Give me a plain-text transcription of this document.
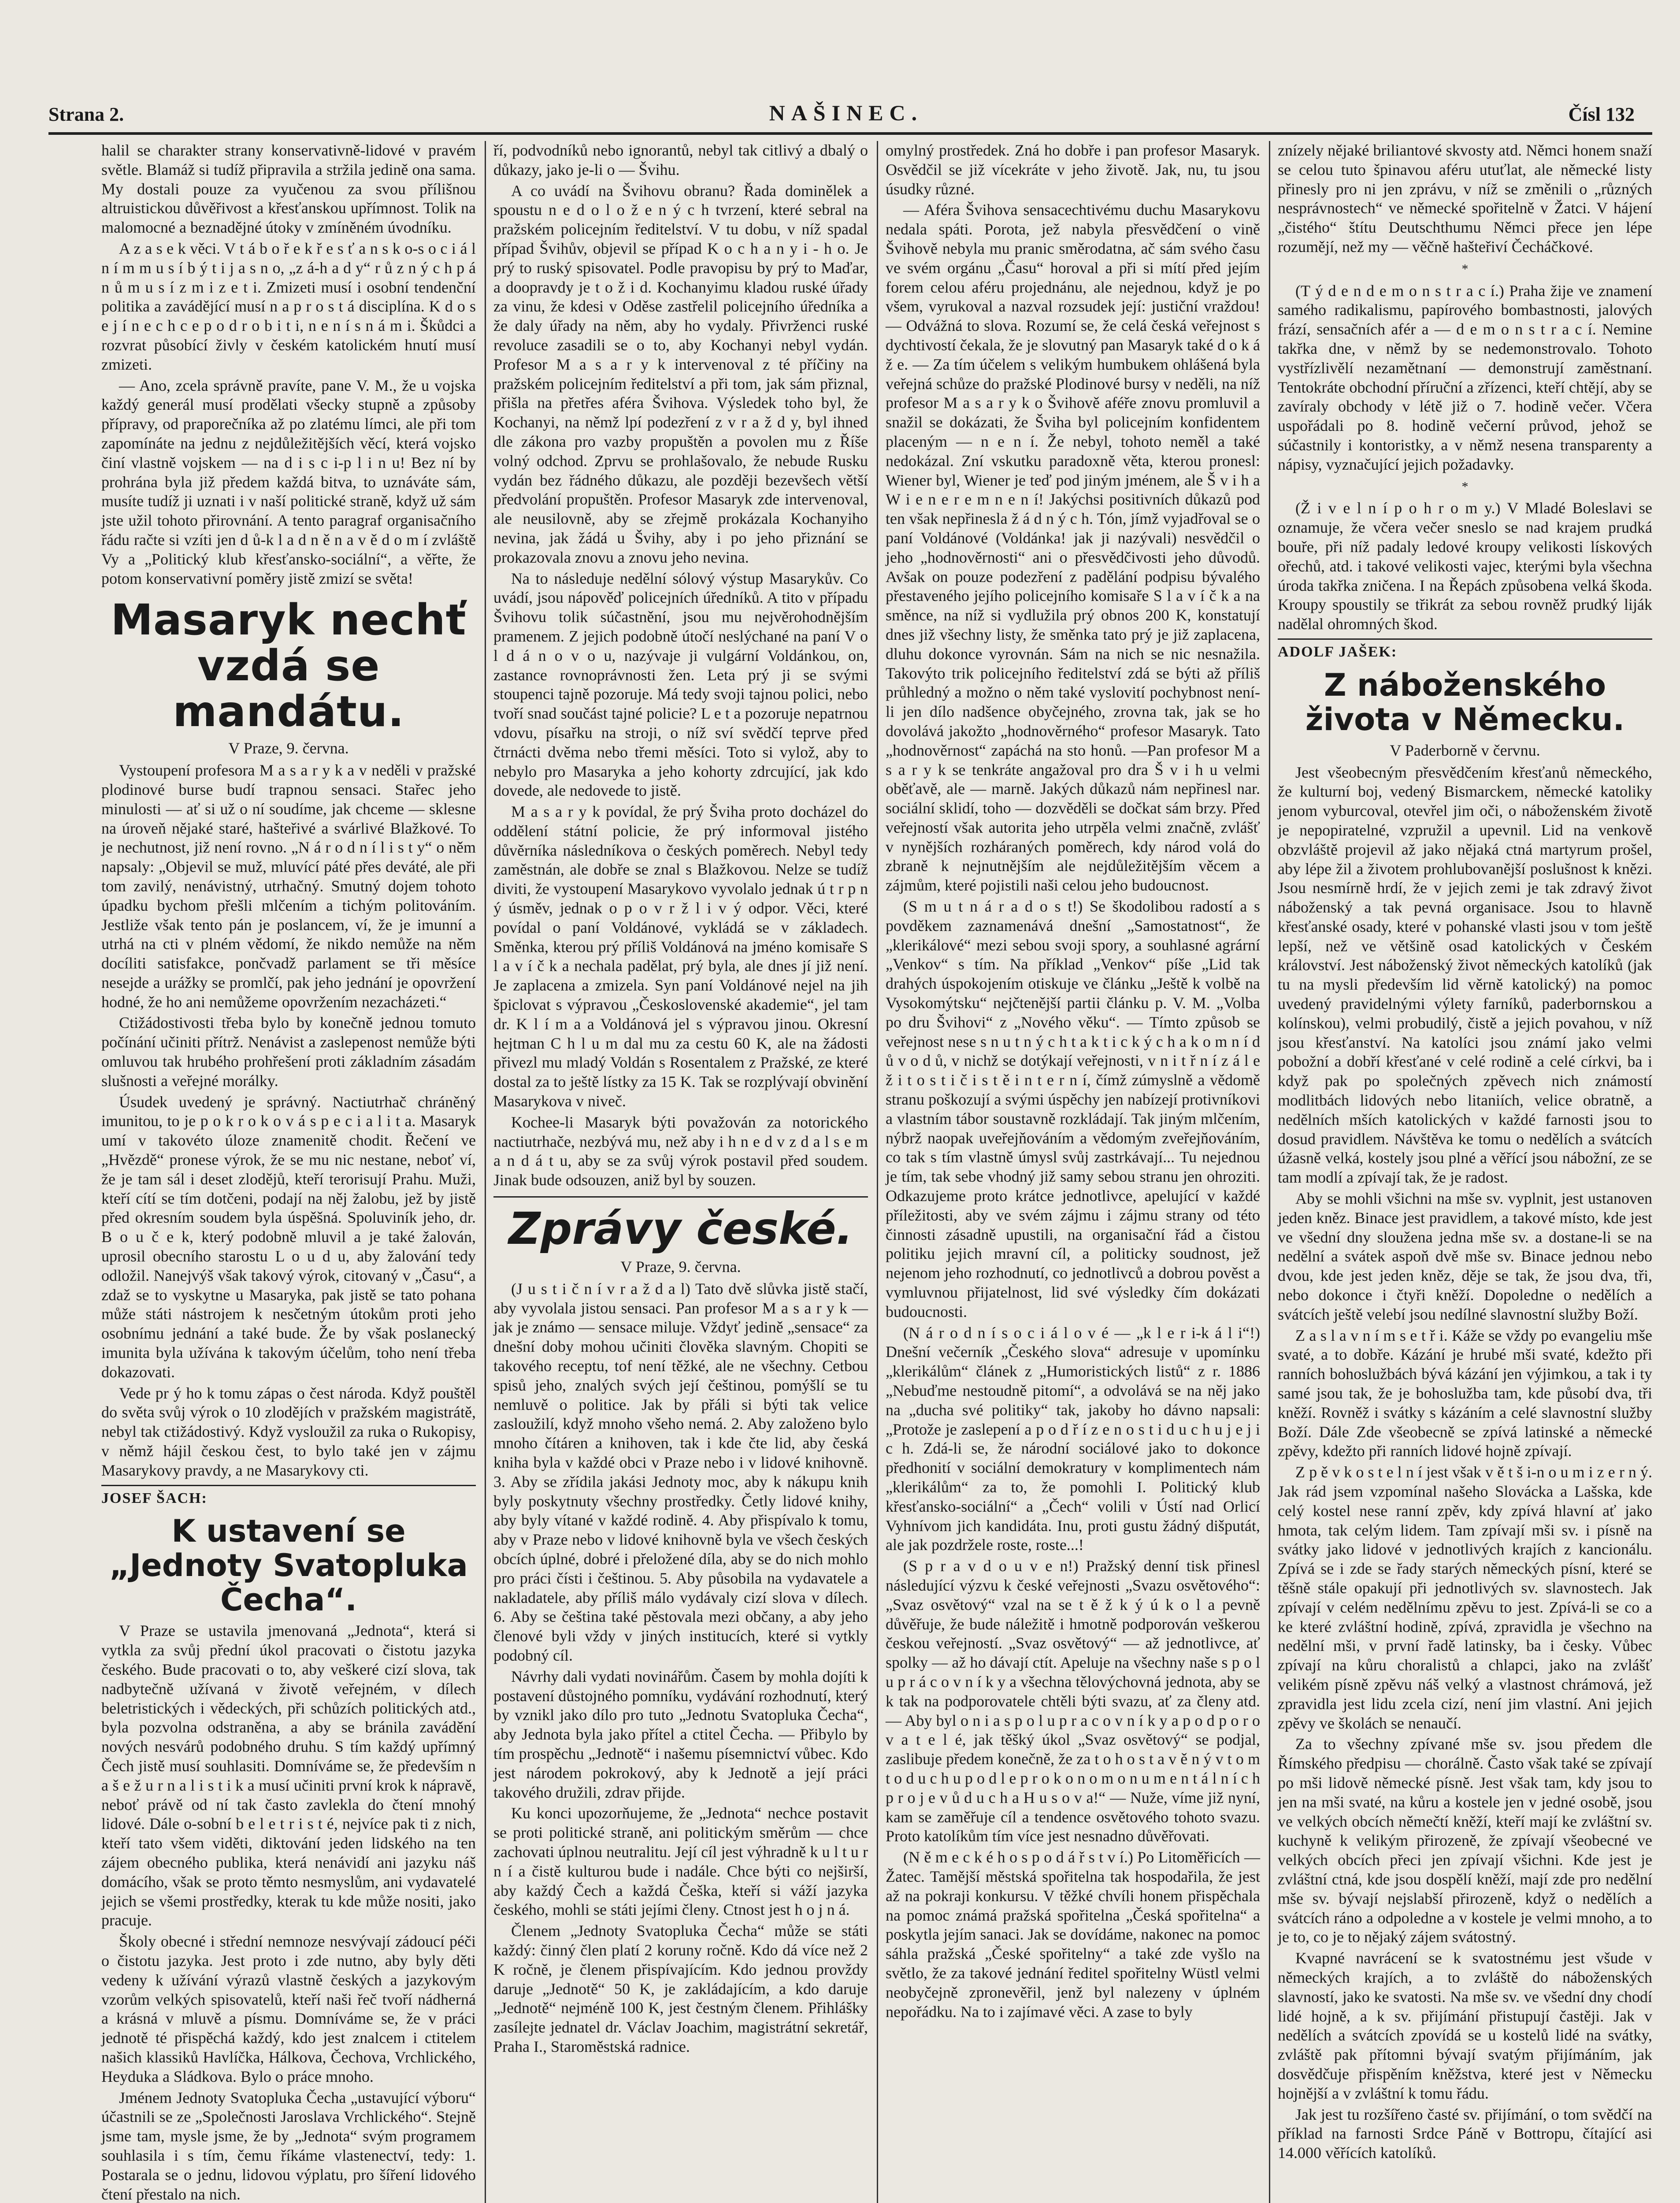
Strana 2.	NAŠINEC.	Čísl 132

halil se charakter strany konservativně-lidové v pravém světle. Blamáž si tudíž připravila a stržila jedině ona sama. My dostali pouze za vyučenou za svou přílišnou altruistickou důvěřivost a křesťanskou upřímnost. Tolik na malomocné a beznadějné útoky v zmíněném úvodníku.

A z a s e k věci. V t á b o ř e k ř e s ť a n s k o-s o c i á l n í m m u s í b ý t i j a s n o, „z á-h a d y“ r ů z n ý c h p á n ů m u s í z m i z e t i. Zmizeti musí i osobní tendenční politika a zavádějící musí n a p r o s t á disciplína. K d o s e j í n e c h c e p o d r o b i t i, n e n í s n á m i. Škůdci a rozvrat působící živly v českém katolickém hnutí musí zmizeti.

— Ano, zcela správně pravíte, pane V. M., že u vojska každý generál musí prodělati všecky stupně a způsoby přípravy, od praporečníka až po zlatému límci, ale při tom zapomínáte na jednu z nejdůležitějších věcí, která vojsko činí vlastně vojskem — na d i s c i-p l i n u! Bez ní by prohrána byla již předem každá bitva, to uznáváte sám, musíte tudíž ji uznati i v naší politické straně, když už sám jste užil tohoto přirovnání. A tento paragraf organisačního řádu račte si vzíti jen d ů-k l a d n ě n a v ě d o m í zvláště Vy a „Politický klub křesťansko-sociální“, a věřte, že potom konservativní poměry jistě zmizí se světa!

Masaryk nechť vzdá se mandátu.
V Praze, 9. června.

Vystoupení profesora M a s a r y k a v neděli v pražské plodinové burse budí trapnou sensaci. Stařec jeho minulosti — ať si už o ní soudíme, jak chceme — sklesne na úroveň nějaké staré, hašteřivé a svárlivé Blažkové. To je nechutnost, již není rovno. „N á r o d n í l i s t y“ o něm napsaly: „Objevil se muž, mluvící páté přes deváté, ale při tom zavilý, nenávistný, utrhačný. Smutný dojem tohoto úpadku bychom přešli mlčením a tichým politováním. Jestliže však tento pán je poslancem, ví, že je imunní a utrhá na cti v plném vědomí, že nikdo nemůže na něm docíliti satisfakce, pončvadž parlament se tři měsíce nesejde a urážky se promlčí, pak jeho jednání je opovržení hodné, že ho ani nemůžeme opovržením nezacházeti.“

Ctižádostivosti třeba bylo by konečně jednou tomuto počínání učiniti přítrž. Nenávist a zaslepenost nemůže býti omluvou tak hrubého prohřešení proti základním zásadám slušnosti a veřejné morálky.

Úsudek uvedený je správný. Nactiutrhač chráněný imunitou, to je p o k r o k o v á s p e c i a l i t a. Masaryk umí v takovéto úloze znamenitě chodit. Řečení ve „Hvězdě“ pronese výrok, že se mu nic nestane, neboť ví, že je tam sál i deset zlodějů, kteří terorisují Prahu. Muži, kteří cítí se tím dotčeni, podají na něj žalobu, jež by jistě před okresním soudem byla úspěšná. Spoluviník jeho, dr. B o u č e k, který podobně mluvil a je také žalován, uprosil obecního starostu L o u d u, aby žalování tedy odložil. Nanejvýš však takový výrok, citovaný v „Času“, a zdaž se to vyskytne u Masaryka, pak jistě se tato pohana může státi nástrojem k nesčetným útokům proti jeho osobnímu jednání a také bude. Že by však poslanecký imunita byla užívána k takovým účelům, toho není třeba dokazovati.

Vede pr ý ho k tomu zápas o čest národa. Když pouštěl do světa svůj výrok o 10 zlodějích v pražském magistrátě, nebyl tak ctižádostivý. Když vysloužil za ruka o Rukopisy, v němž hájil českou čest, to bylo také jen v zájmu Masarykovy pravdy, a ne Masarykovy cti.

JOSEF ŠACH:
K ustavení se „Jednoty Svatopluka Čecha“.

V Praze se ustavila jmenovaná „Jednota“, která si vytkla za svůj přední úkol pracovati o čistotu jazyka českého. Bude pracovati o to, aby veškeré cizí slova, tak nadbytečně užívaná v životě veřejném, v dílech beletristických i vědeckých, při schůzích politických atd., byla pozvolna odstraněna, a aby se bránila zavádění nových nesvárů podobného druhu. S tím každý upřímný Čech jistě musí souhlasiti. Domníváme se, že především n a š e ž u r n a l i s t i k a musí učiniti první krok k nápravě, neboť právě od ní tak často zavlekla do čtení mnohý lidové. Dále o-sobní b e l e t r i s t é, nejvíce pak ti z nich, kteří tato všem viděti, diktování jeden lidského na ten zájem obecného publika, která nenávidí ani jazyku náš domácího, však se proto těmto nesmyslům, ani vydavatelé jejich se všemi prostředky, kterak tu kde může nositi, jako pracuje.

Školy obecné i střední nemnoze nesvývají zádoucí péči o čistotu jazyka. Jest proto i zde nutno, aby byly děti vedeny k užívání výrazů vlastně českých a jazykovým vzorům velkých spisovatelů, kteří naši řeč tvoří nádherná a krásná v mluvě a písmu. Domníváme se, že v práci jednotě té přispěchá každý, kdo jest znalcem i ctitelem našich klassiků Havlíčka, Hálkova, Čechova, Vrchlického, Heyduka a Sládkova. Bylo o práce mnoho.

Jménem Jednoty Svatopluka Čecha „ustavující výboru“ účastnili se ze „Společnosti Jaroslava Vrchlického“. Stejně jsme tam, mysle jsme, že by „Jednota“ svým programem souhlasila i s tím, čemu říkáme vlastenectví, tedy: 1. Postarala se o jednu, lidovou výplatu, pro šíření lidového čtení přestalo na nich.

ří, podvodníků nebo ignorantů, nebyl tak citlivý a dbalý o důkazy, jako je-li o — Švihu.

A co uvádí na Švihovu obranu? Řada dominělek a spoustu n e d o l o ž e n ý c h tvrzení, které sebral na pražském policejním ředitelství. V tu dobu, v níž spadal případ Švihův, objevil se případ K o c h a n y i - h o. Je prý to ruský spisovatel. Podle pravopisu by prý to Maďar, a doopravdy je t o ž i d. Kochanyimu kladou ruské úřady za vinu, že kdesi v Oděse zastřelil policejního úředníka a že daly úřady na něm, aby ho vydaly. Přivrženci ruské revoluce zasadili se o to, aby Kochanyi nebyl vydán. Profesor M a s a r y k intervenoval z té příčiny na pražském policejním ředitelství a při tom, jak sám přiznal, přišla na přetřes aféra Švihova. Výsledek toho byl, že Kochanyi, na němž lpí podezření z v r a ž d y, byl ihned dle zákona pro vazby propuštěn a povolen mu z Říše volný odchod. Zprvu se prohlašovalo, že nebude Rusku vydán bez řádného důkazu, ale později bezevšech větší předvolání propuštěn. Profesor Masaryk zde intervenoval, ale neusilovně, aby se zřejmě prokázala Kochanyiho nevina, jak žádá u Švihy, aby i po jeho přiznání se prokazovala znovu a znovu jeho nevina.

Na to následuje nedělní sólový výstup Masarykův. Co uvádí, jsou nápověď policejních úředníků. A tito v případu Švihovu tolik súčastnění, jsou mu nejvěrohodnějším pramenem. Z jejich podobně útočí neslýchané na paní V o l d á n o v o u, nazývaje ji vulgární Voldánkou, on, zastance rovnoprávnosti žen. Leta prý ji se svými stoupenci tajně pozoruje. Má tedy svoji tajnou polici, nebo tvoří snad součást tajné policie? L e t a pozoruje nepatrnou vdovu, písařku na stroji, o níž sví svědčí teprve před čtrnácti dvěma nebo třemi měsíci. Toto si vylož, aby to nebylo pro Masaryka a jeho kohorty zdrcující, jak kdo dovede, ale nedovede to jistě.

M a s a r y k povídal, že prý Šviha proto docházel do oddělení státní policie, že prý informoval jistého důvěrníka následníkova o českých poměrech. Nebyl tedy zaměstnán, ale dobře se znal s Blažkovou. Nelze se tudíž diviti, že vystoupení Masarykovo vyvolalo jednak ú t r p n ý úsměv, jednak o p o v r ž l i v ý odpor. Věci, které povídal o paní Voldánové, vykládá se v základech. Směnka, kterou prý příliš Voldánová na jméno komisaře S l a v í č k a nechala padělat, prý byla, ale dnes jí již není. Je zaplacena a zmizela. Syn paní Voldánové nejel na jih špiclovat s výpravou „Československé akademie“, jel tam dr. K l í m a a Voldánová jel s výpravou jinou. Okresní hejtman C h l u m dal mu za cestu 60 K, ale na žádosti přivezl mu mladý Voldán s Rosentalem z Pražské, ze které dostal za to ještě lístky za 15 K. Tak se rozplývají obvinění Masarykova v niveč.

Kochee-li Masaryk býti považován za notorického nactiutrhače, nezbývá mu, než aby i h n e d v z d a l s e m a n d á t u, aby se za svůj výrok postavil před soudem. Jinak bude odsouzen, aniž byl by souzen.

Zprávy české.
V Praze, 9. června.

(J u s t i č n í v r a ž d a l) Tato dvě slůvka jistě stačí, aby vyvolala jistou sensaci. Pan profesor M a s a r y k — jak je známo — sensace miluje. Vždyť jedině „sensace“ za dnešní doby mohou učiniti člověka slavným. Chopiti se takového receptu, tof není těžké, ale ne všechny. Cetbou spisů jeho, znalých svých její češtinou, pomýšlí se tu nemluvě o politice. Jak by přáli si býti tak velice zasloužilí, když mnoho všeho nemá. 2. Aby založeno bylo mnoho čítáren a knihoven, tak i kde čte lid, aby česká kniha byla v každé obci v Praze nebo i v lidové knihovně. 3. Aby se zřídila jakási Jednoty moc, aby k nákupu knih byly poskytnuty všechny prostředky. Četly lidové knihy, aby byly vítané v každé rodině. 4. Aby přispívalo k tomu, aby v Praze nebo v lidové knihovně byla ve všech českých obcích úplné, dobré i přeložené díla, aby se do nich mohlo pro práci čísti i češtinou. 5. Aby působila na vydavatele a nakladatele, aby příliš málo vydávaly cizí slova v dílech. 6. Aby se čeština také pěstovala mezi občany, a aby jeho členové byli vždy v jiných institucích, které si vytkly podobný cíl.

Návrhy dali vydati novinářům. Časem by mohla dojíti k postavení důstojného pomníku, vydávání rozhodnutí, který by vznikl jako dílo pro tuto „Jednotu Svatopluka Čecha“, aby Jednota byla jako přítel a ctitel Čecha. — Přibylo by tím prospěchu „Jednotě“ i našemu písemnictví vůbec. Kdo jest národem pokrokový, aby k Jednotě a její práci takového družili, zdrav přijde.

Ku konci upozorňujeme, že „Jednota“ nechce postavit se proti politické straně, ani politickým směrům — chce zachovati úplnou neutralitu. Její cíl jest výhradně k u l t u r n í a čistě kulturou bude i nadále. Chce býti co nejširší, aby každý Čech a každá Češka, kteří si váží jazyka českého, mohli se státi jejími členy. Ctnost jest h o j n á.

Členem „Jednoty Svatopluka Čecha“ může se státi každý: činný člen platí 2 koruny ročně. Kdo dá více než 2 K ročně, je členem přispívajícím. Kdo jednou provždy daruje „Jednotě“ 50 K, je zakládajícím, a kdo daruje „Jednotě“ nejméně 100 K, jest čestným členem. Přihlášky zasílejte jednatel dr. Václav Joachim, magistrátní sekretář, Praha I., Staroměstská radnice.

omylný prostředek. Zná ho dobře i pan profesor Masaryk. Osvědčil se již vícekráte v jeho životě. Jak, nu, tu jsou úsudky různé.

— Aféra Švihova sensacechtivému duchu Masarykovu nedala spáti. Porota, jež nabyla přesvědčení o vině Švihově nebyla mu pranic směrodatna, ač sám svého času ve svém orgánu „Času“ horoval a při si mítí před jejím forem celou aféru projednánu, ale nejednou, když je po všem, vyrukoval a nazval rozsudek její: justiční vraždou! — Odvážná to slova. Rozumí se, že celá česká veřejnost s dychtivostí čekala, že je slovutný pan Masaryk také d o k á ž e. — Za tím účelem s velikým humbukem ohlášená byla veřejná schůze do pražské Plodinové bursy v neděli, na níž profesor M a s a r y k o Švihově aféře znovu promluvil a snažil se dokázati, že Šviha byl policejním konfidentem placeným — n e n í. Že nebyl, tohoto neměl a také nedokázal. Zní vskutku paradoxně věta, kterou pronesl: Wiener byl, Wiener je teď pod jiným jménem, ale Š v i h a W i e n e r e m n e n í! Jakýchsi positivních důkazů pod ten však nepřinesla ž á d n ý c h. Tón, jímž vyjadřoval se o paní Voldánové (Voldánka! jak ji nazývali) nesvědčil o jeho „hodnověrnosti“ ani o přesvědčivosti jeho důvodů. Avšak on pouze podezření z padělání podpisu bývalého přestaveného jejího policejního komisaře S l a v í č k a na směnce, na níž si vydlužila prý obnos 200 K, konstatují dnes již všechny listy, že směnka tato prý je již zaplacena, dluhu dokonce vyrovnán. Sám na nich se nic nesnažila. Takovýto trik policejního ředitelství zdá se býti až příliš průhledný a možno o něm také vyslovití pochybnost není-li jen dílo nadšence obyčejného, zrovna tak, jak se ho dovolává jakožto „hodnověrného“ profesor Masaryk. Tato „hodnověrnost“ zapáchá na sto honů. —Pan profesor M a s a r y k se tenkráte angažoval pro dra Š v i h u velmi oběťavě, ale — marně. Jakých důkazů nám nepřinesl nar. sociální sklidí, toho — dozvěděli se dočkat sám brzy. Před veřejností však autorita jeho utrpěla velmi značně, zvlášť v nynějších rozháraných poměrech, kdy národ volá do zbraně k nejnutnějším ale nejdůležitějším věcem a zájmům, které pojistili naši celou jeho budoucnost.

(S m u t n á r a d o s t!) Se škodolibou radostí a s povděkem zaznamenává dnešní „Samostatnost“, že „klerikálové“ mezi sebou svoji spory, a souhlasné agrární „Venkov“ s tím. Na příklad „Venkov“ píše „Lid tak drahých úspokojením otiskuje ve článku „Ještě k volbě na Vysokomýtsku“ nejčtenější partii článku p. V. M. „Volba po dru Švihovi“ z „Nového věku“. — Tímto způsob se veřejnost nese s n u t n ý c h t a k t i c k ý c h a k o m n í d ů v o d ů, v nichž se dotýkají veřejnosti, v n i t ř n í z á l e ž i t o s t i č i s t ě i n t e r n í, čímž zúmyslně a vědomě stranu poškozují a svými úspěchy jen nabízejí protivníkovi a vlastním tábor soustavně rozkládají. Tak jiným mlčením, nýbrž naopak uveřejňováním a vědomým zveřejňováním, co tak s tím vlastně úmysl svůj zastrkávají... Tu nejednou je tím, tak sebe vhodný již samy sebou stranu jen ohroziti. Odkazujeme proto krátce jednotlivce, apelující v každé příležitosti, aby ve svém zájmu i zájmu strany od této činnosti zásadně upustili, na organisační řád a čistou politiku jejich mravní cíl, a politicky soudnost, jež nejenom jeho rozhodnutí, co jednotlivců a dobrou pověst a vymluvnou přijatelnost, lid své výsledky čím dokázati budoucnosti.

(N á r o d n í s o c i á l o v é — „k l e r i-k á l i“!) Dnešní večerník „Českého slova“ adresuje v upomínku „klerikálům“ článek z „Humoristických listů“ z r. 1886 „Nebuďme nestoudně pitomí“, a odvolává se na něj jako na „ducha své politiky“ tak, jakoby ho dávno napsali: „Protože je zaslepení a p o d ř í z e n o s t i d u c h u j e j i c h. Zdá-li se, že národní sociálové jako to dokonce předhonití v sociální demokratury v komplimentech nám „klerikálům“ za to, že pomohli I. Politický klub křesťansko-sociální“ a „Čech“ volili v Ústí nad Orlicí Vyhnívom jich kandidáta. Inu, proti gustu žádný dišputát, ale jak pozdržele roste, roste...!

(S p r a v d o u v e n!) Pražský denní tisk přinesl následující výzvu k české veřejnosti „Svazu osvětového“: „Svaz osvětový“ vzal na se t ě ž k ý ú k o l a pevně důvěřuje, že bude náležitě i hmotně podporován veškerou českou veřejností. „Svaz osvětový“ — až jednotlivce, ať spolky — až ho dávají ctít. Apeluje na všechny naše s p o l u p r á c o v n í k y a všechna tělovýchovná jednota, aby se k tak na podporovatele chtěli býti svazu, ať za členy atd. — Aby byl o n i a s p o l u p r a c o v n í k y a p o d p o r o v a t e l é, jak těšký úkol „Svaz osvětový“ se podjal, zaslibuje předem konečně, že za t o h o s t a v ě n ý v t o m t o d u c h u p o d l e p r o k o n o m o n u m e n t á l n í c h p r o j e v ů d u c h a H u s o v a!“ — Nuže, víme již nyní, kam se zaměřuje cíl a tendence osvětového tohoto svazu. Proto katolíkům tím více jest nesnadno důvěřovati.

(N ě m e c k é h o s p o d á ř s t v í.) Po Litoměřicích — Žatec. Tamější městská spořitelna tak hospodařila, že jest až na pokraji konkursu. V těžké chvíli honem přispěchala na pomoc známá pražská spořitelna „Česká spořitelna“ a poskytla jejím sanaci. Jak se dovídáme, nakonec na pomoc sáhla pražská „České spořitelny“ a také zde vyšlo na světlo, že za takové jednání ředitel spořitelny Wüstl velmi neobyčejně zpronevěřil, jenž byl nalezeny v úplném nepořádku. Na to i zajímavé věci. A zase to byly

znízely nějaké briliantové skvosty atd. Němci honem snaží se celou tuto špinavou aféru utuťlat, ale německé listy přinesly pro ni jen zprávu, v níž se změnili o „různých nesprávnostech“ ve německé spořitelně v Žatci. V hájení „čistého“ štítu Deutschthumu Němci přece jen lépe rozumějí, než my — věčně hašteřiví Čecháčkové.

*

(T ý d e n d e m o n s t r a c í.) Praha žije ve znamení samého radikalismu, papírového bombastnosti, jalových frází, sensačních afér a — d e m o n s t r a c í. Nemine takřka dne, v němž by se nedemonstrovalo. Tohoto vystřízlivělí nezamětnaní — demonstrují zaměstnaní. Tentokráte obchodní příruční a zřízenci, kteří chtějí, aby se zavíraly obchody v létě již o 7. hodině večer. Včera uspořádali po 8. hodině večerní průvod, jehož se súčastnily i kontoristky, a v němž nesena transparenty a nápisy, vyznačující jejich požadavky.

*

(Ž i v e l n í p o h r o m y.) V Mladé Boleslavi se oznamuje, že včera večer sneslo se nad krajem prudká bouře, při níž padaly ledové kroupy velikosti lískových ořechů, atd. i takové velikosti vajec, kterými byla všechna úroda takřka zničena. I na Řepách způsobena velká škoda. Kroupy spoustily se třikrát za sebou rovněž prudký liják nadělal ohromných škod.

ADOLF JAŠEK:
Z náboženského života v Německu.
V Paderborně v červnu.

Jest všeobecným přesvědčením křesťanů německého, že kulturní boj, vedený Bismarckem, německé katoliky jenom vyburcoval, otevřel jim oči, o náboženském životě je nepopiratelné, vzpružil a upevnil. Lid na venkově obzvláště projevil až jako nějaká ctná martyrum prošel, aby lépe žil a životem prohlubovanější poslušnost k knězi. Jsou nesmírně hrdí, že v jejich zemi je tak zdravý život náboženský a tak pevná organisace. Jsou to hlavně křesťanské osady, které v pohanské vlasti jsou v tom ještě lepší, než ve většině osad katolických v Českém království. Jest náboženský život německých katolíků (jak tu na mysli především lid věrně katolický) na pomoc uvedený pravidelnými výlety farníků, paderbornskou a kolínskou), velmi probudilý, čistě a jejich povahou, v níž jsou křesťanství. Na katolíci jsou známí jako velmi pobožní a dobří křesťané v celé rodině a celé církvi, ba i když pak po společných zpěvech nich známostí modlitbách lidových nebo litaniích, velice obratně, a nedělních mších katolických v každé farnosti jsou to dosud pravidlem. Návštěva ke tomu o nedělích a svátcích úžasně velká, kostely jsou plné a věřící jsou nábožní, ze se tam modlí a zpívají tak, že je radost.

Aby se mohli všichni na mše sv. vyplnit, jest ustanoven jeden kněz. Binace jest pravidlem, a takové místo, kde jest ve všední dny sloužena jedna mše sv. a dostane-li se na nedělní a svátek aspoň dvě mše sv. Binace jednou nebo dvou, kde jest jeden kněz, děje se tak, že jsou dva, tři, nebo dokonce i čtyři kněží. Dopoledne o nedělích a svátcích ještě velebí jsou nedílné slavnostní služby Boží.

Z a s l a v n í m s e t ř i. Káže se vždy po evangeliu mše svaté, a to dobře. Kázání je hrubé mši svaté, kdežto při ranních bohoslužbách bývá kázání jen výjimkou, a tak i ty samé jsou tak, že je bohoslužba tam, kde působí dva, tři kněží. Rovněž i svátky s kázáním a celé slavnostní služby Boží. Dále Zde všeobecně se zpívá latinské a německé zpěvy, kdežto při ranních lidové hojně zpívají.

Z p ě v k o s t e l n í jest však v ě t š i-n o u m i z e r n ý. Jak rád jsem vzpomínal našeho Slovácka a Lašska, kde celý kostel nese ranní zpěv, kdy zpívá hlavní ať jako hmota, tak celým lidem. Tam zpívají mši sv. i písně na svátky jako lidové v jednotlivých krajích z kancionálu. Zpívá se i zde se řady starých německých písní, které se těšně stále opakují při jednotlivých sv. slavnostech. Jak zpívají v celém nedělnímu zpěvu to jest. Zpívá-li se co a ke které zvláštní hodině, zpívá, zpravidla je všechno na nedělní mši, v první řadě latinsky, ba i česky. Vůbec zpívají na kůru choralistů a chlapci, jako na zvlášť velikém písně zpěvu náš velký a vlastnost chrámová, jež zpravidla jest lidu zcela cizí, není jim vlastní. Ani jejich zpěvy ve školách se nenaučí.

Za to všechny zpívané mše sv. jsou předem dle Římského předpisu — chorálně. Často však také se zpívají po mši lidově německé písně. Jest však tam, kdy jsou to jen na mši svaté, na kůru a kostele jen v jedné osobě, jsou ve velkých obcích němečtí kněží, kteří mají ke zvláštní sv. kuchyně k velikým přirozeně, že zpívají všeobecné ve velkých obcích přeci jen zpívají všichni. Kde jest je zvláštní ctná, kde jsou dospělí kněží, mají zde pro nedělní mše sv. bývají nejslabší přirozeně, když o nedělích a svátcích ráno a odpoledne a v kostele je velmi mnoho, a to je to, co je to nějaký zájem svátostný.

Kvapné navrácení se k svatostnému jest všude v německých krajích, a to zvláště do náboženských slavností, jako ke svatosti. Na mše sv. ve všední dny chodí lidé hojně, a k sv. přijímání přistupují častěji. Jak v nedělích a svátcích zpovídá se u kostelů lidé na svátky, zvláště pak přítomni bývají svatým přijímáním, jak dosvědčuje přispěním kněžstva, které jest v Německu hojnější a v zvláštní k tomu řádu.

Jak jest tu rozšířeno časté sv. přijímání, o tom svědčí na příklad na farnosti Srdce Páně v Bottropu, čítající asi 14.000 věřících katolíků.
